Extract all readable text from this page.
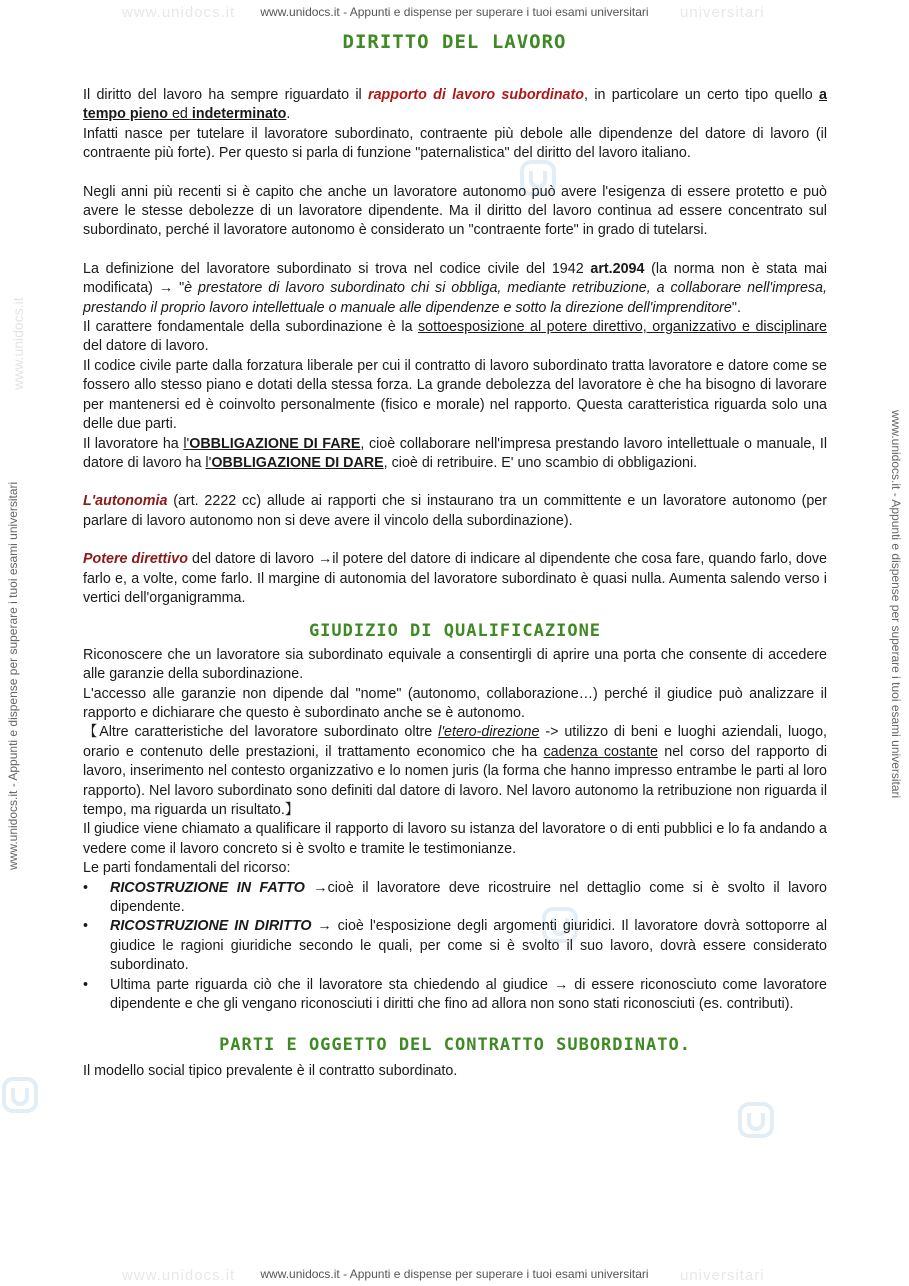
www.unidocs.it	universitari
www.unidocs.it - Appunti e dispense per superare i tuoi esami universitari
www.unidocs.it	universitari
www.unidocs.it - Appunti e dispense per superare i tuoi esami universitari
www.unidocs.it - Appunti e dispense per superare i tuoi esami universitari	www.unidocs.it - Appunti e dispense per superare i tuoi esami universitari
www.unidocs.it
DIRITTO DEL LAVORO

Il diritto del lavoro ha sempre riguardato il rapporto di lavoro subordinato, in particolare un certo tipo quello a tempo pieno ed indeterminato.

Infatti nasce per tutelare il lavoratore subordinato, contraente più debole alle dipendenze del datore di lavoro (il contraente più forte). Per questo si parla di funzione "paternalistica" del diritto del lavoro italiano.

Negli anni più recenti si è capito che anche un lavoratore autonomo può avere l'esigenza di essere protetto e può avere le stesse debolezze di un lavoratore dipendente. Ma il diritto del lavoro continua ad essere concentrato sul subordinato, perché il lavoratore autonomo è considerato un "contraente forte" in grado di tutelarsi.

La definizione del lavoratore subordinato si trova nel codice civile del 1942 art.2094 (la norma non è stata mai modificata) → "è prestatore di lavoro subordinato chi si obbliga, mediante retribuzione, a collaborare nell'impresa, prestando il proprio lavoro intellettuale o manuale alle dipendenze e sotto la direzione dell'imprenditore".

Il carattere fondamentale della subordinazione è la sottoesposizione al potere direttivo, organizzativo e disciplinare del datore di lavoro.

Il codice civile parte dalla forzatura liberale per cui il contratto di lavoro subordinato tratta lavoratore e datore come se fossero allo stesso piano e dotati della stessa forza. La grande debolezza del lavoratore è che ha bisogno di lavorare per mantenersi ed è coinvolto personalmente (fisico e morale) nel rapporto. Questa caratteristica riguarda solo una delle due parti.

Il lavoratore ha l'OBBLIGAZIONE DI FARE, cioè collaborare nell'impresa prestando lavoro intellettuale o manuale, Il datore di lavoro ha l'OBBLIGAZIONE DI DARE, cioè di retribuire. E' uno scambio di obbligazioni.

L'autonomia (art. 2222 cc) allude ai rapporti che si instaurano tra un committente e un lavoratore autonomo (per parlare di lavoro autonomo non si deve avere il vincolo della subordinazione).

Potere direttivo del datore di lavoro →il potere del datore di indicare al dipendente che cosa fare, quando farlo, dove farlo e, a volte, come farlo. Il margine di autonomia del lavoratore subordinato è quasi nulla. Aumenta salendo verso i vertici dell'organigramma.

GIUDIZIO DI QUALIFICAZIONE

Riconoscere che un lavoratore sia subordinato equivale a consentirgli di aprire una porta che consente di accedere alle garanzie della subordinazione.

L'accesso alle garanzie non dipende dal "nome" (autonomo, collaborazione…) perché il giudice può analizzare il rapporto e dichiarare che questo è subordinato anche se è autonomo.

【Altre caratteristiche del lavoratore subordinato oltre l'etero-direzione -> utilizzo di beni e luoghi aziendali, luogo, orario e contenuto delle prestazioni, il trattamento economico che ha cadenza costante nel corso del rapporto di lavoro, inserimento nel contesto organizzativo e lo nomen juris (la forma che hanno impresso entrambe le parti al loro rapporto). Nel lavoro subordinato sono definiti dal datore di lavoro. Nel lavoro autonomo la retribuzione non riguarda il tempo, ma riguarda un risultato.】

Il giudice viene chiamato a qualificare il rapporto di lavoro su istanza del lavoratore o di enti pubblici e lo fa andando a vedere come il lavoro concreto si è svolto e tramite le testimonianze.

Le parti fondamentali del ricorso:

• RICOSTRUZIONE IN FATTO →cioè il lavoratore deve ricostruire nel dettaglio come si è svolto il lavoro dipendente.
• RICOSTRUZIONE IN DIRITTO → cioè l'esposizione degli argomenti giuridici. Il lavoratore dovrà sottoporre al giudice le ragioni giuridiche secondo le quali, per come si è svolto il suo lavoro, dovrà essere considerato subordinato.
• Ultima parte riguarda ciò che il lavoratore sta chiedendo al giudice → di essere riconosciuto come lavoratore dipendente e che gli vengano riconosciuti i diritti che fino ad allora non sono stati riconosciuti (es. contributi).
PARTI E OGGETTO DEL CONTRATTO SUBORDINATO.

Il modello social tipico prevalente è il contratto subordinato.
